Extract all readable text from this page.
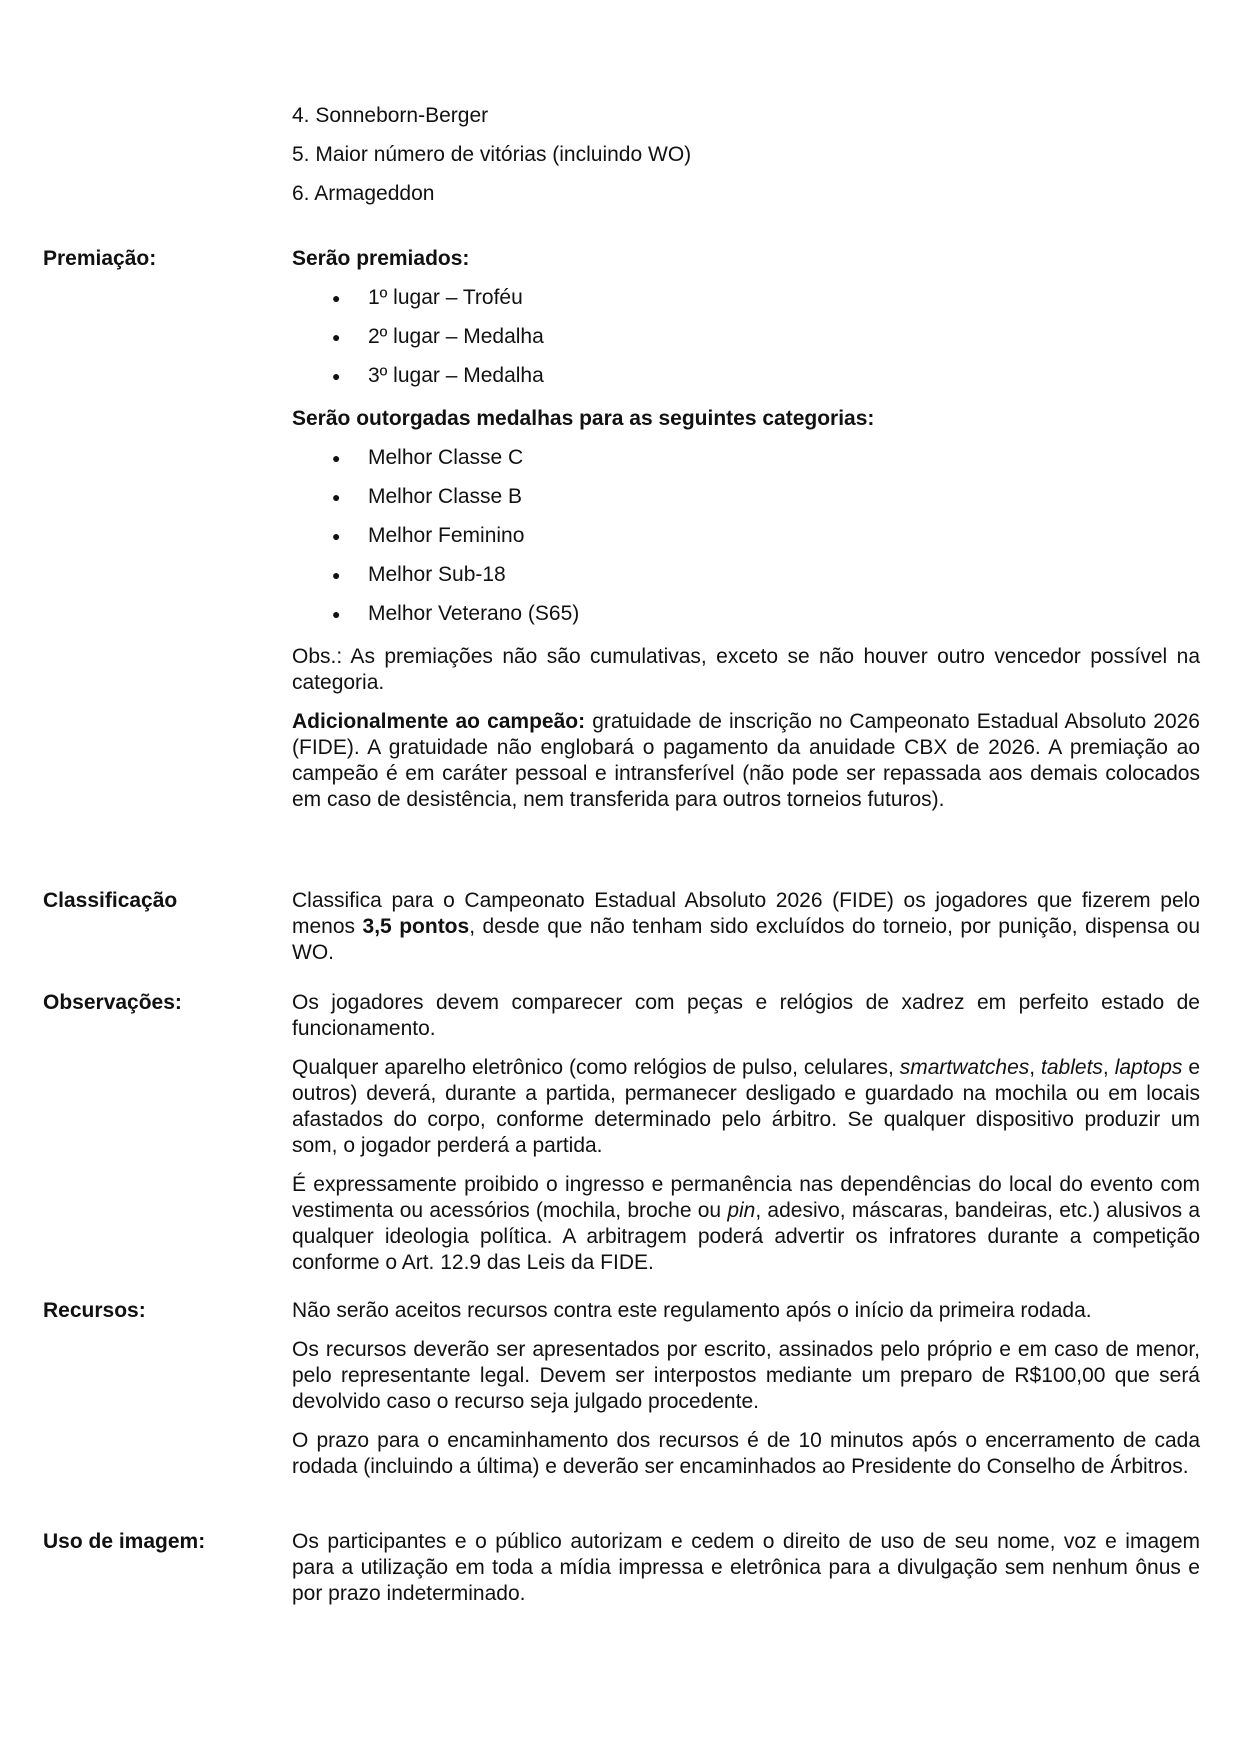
4. Sonneborn-Berger
5. Maior número de vitórias (incluindo WO)
6. Armageddon
Premiação:	Serão premiados:
● 1º lugar – Troféu
● 2º lugar – Medalha
● 3º lugar – Medalha
Serão outorgadas medalhas para as seguintes categorias:
● Melhor Classe C
● Melhor Classe B
● Melhor Feminino
● Melhor Sub-18
● Melhor Veterano (S65)

Obs.: As premiações não são cumulativas, exceto se não houver outro vencedor possível na categoria.

Adicionalmente ao campeão: gratuidade de inscrição no Campeonato Estadual Absoluto 2026 (FIDE). A gratuidade não englobará o pagamento da anuidade CBX de 2026. A premiação ao campeão é em caráter pessoal e intransferível (não pode ser repassada aos demais colocados em caso de desistência, nem transferida para outros torneios futuros).

Classificação	Classifica para o Campeonato Estadual Absoluto 2026 (FIDE) os jogadores que fizerem pelo menos 3,5 pontos, desde que não tenham sido excluídos do torneio, por punição, dispensa ou WO.

Observações:	Os jogadores devem comparecer com peças e relógios de xadrez em perfeito estado de funcionamento.

Qualquer aparelho eletrônico (como relógios de pulso, celulares, smartwatches, tablets, laptops e outros) deverá, durante a partida, permanecer desligado e guardado na mochila ou em locais afastados do corpo, conforme determinado pelo árbitro. Se qualquer dispositivo produzir um som, o jogador perderá a partida.

É expressamente proibido o ingresso e permanência nas dependências do local do evento com vestimenta ou acessórios (mochila, broche ou pin, adesivo, máscaras, bandeiras, etc.) alusivos a qualquer ideologia política. A arbitragem poderá advertir os infratores durante a competição conforme o Art. 12.9 das Leis da FIDE.

Recursos:	Não serão aceitos recursos contra este regulamento após o início da primeira rodada.

Os recursos deverão ser apresentados por escrito, assinados pelo próprio e em caso de menor, pelo representante legal. Devem ser interpostos mediante um preparo de R$100,00 que será devolvido caso o recurso seja julgado procedente.

O prazo para o encaminhamento dos recursos é de 10 minutos após o encerramento de cada rodada (incluindo a última) e deverão ser encaminhados ao Presidente do Conselho de Árbitros.

Uso de imagem:	Os participantes e o público autorizam e cedem o direito de uso de seu nome, voz e imagem para a utilização em toda a mídia impressa e eletrônica para a divulgação sem nenhum ônus e por prazo indeterminado.
